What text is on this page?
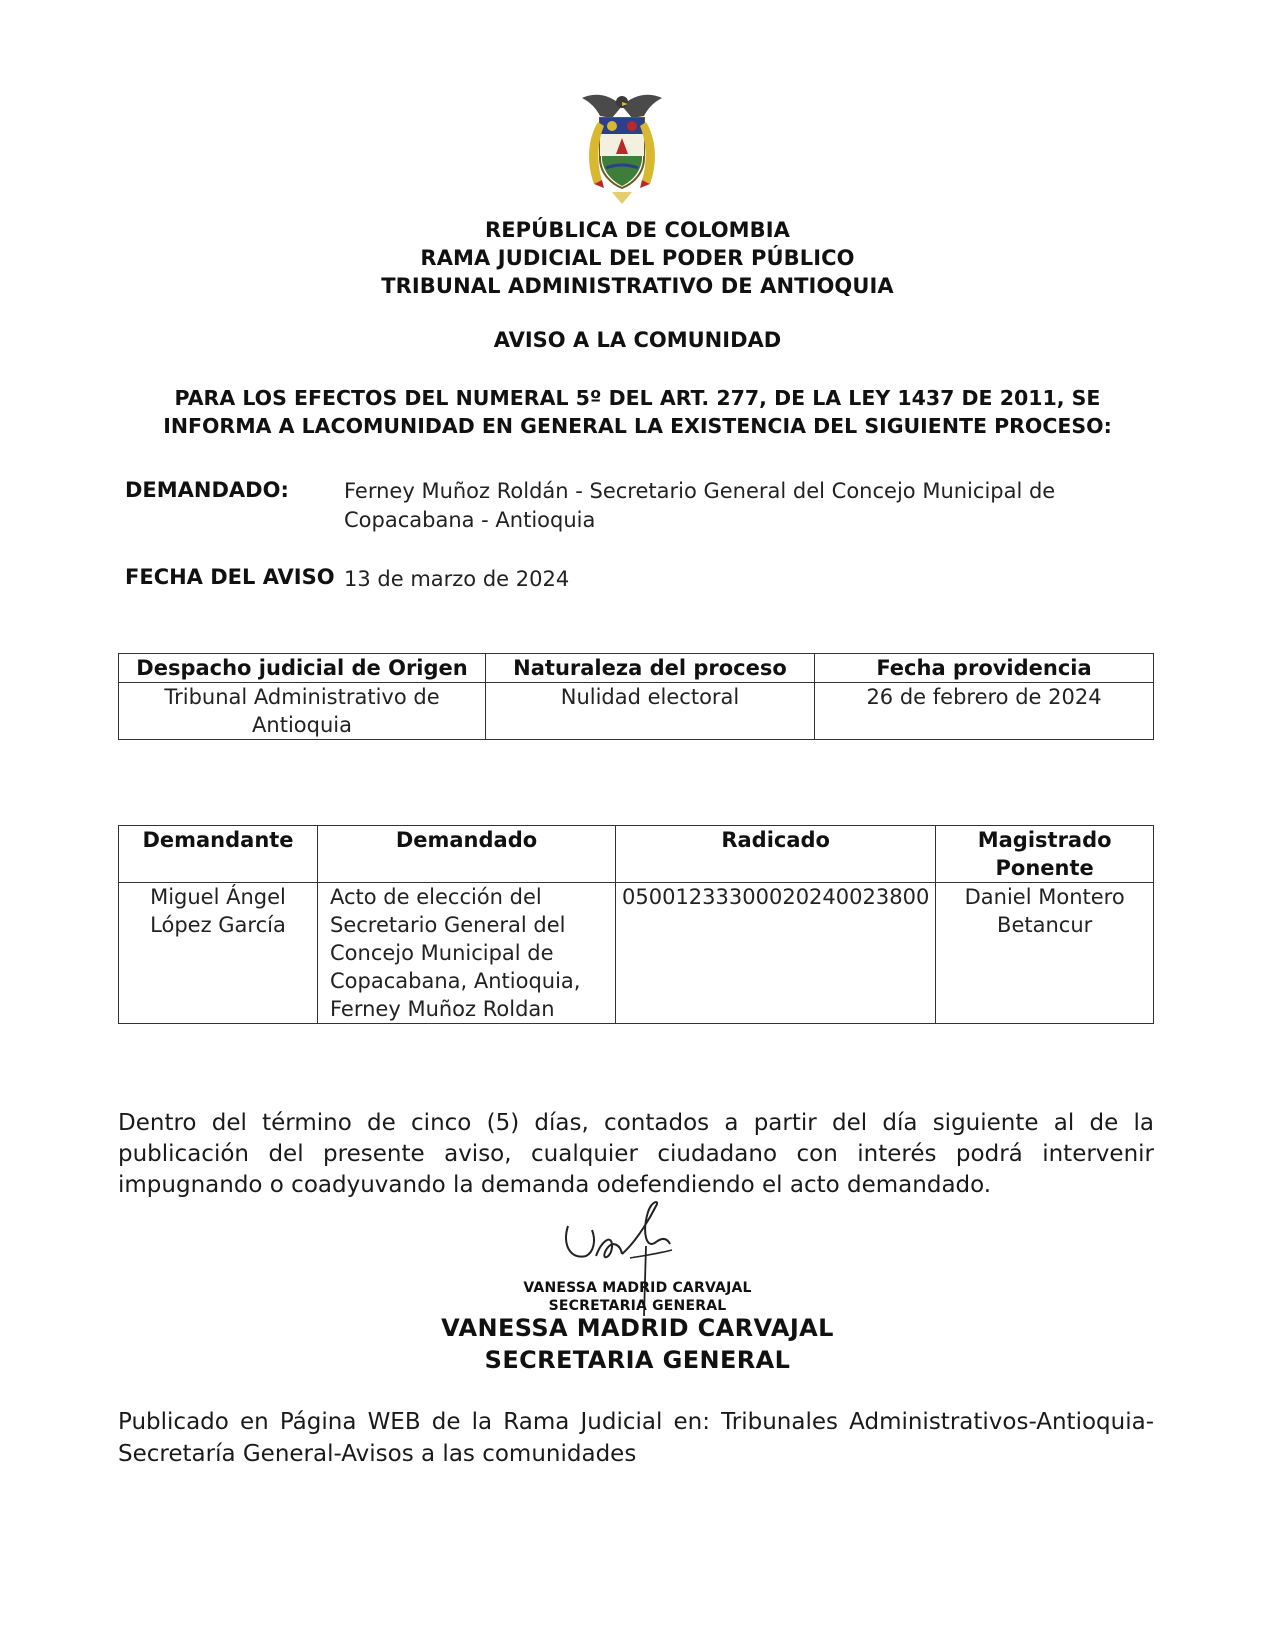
REPÚBLICA DE COLOMBIA
RAMA JUDICIAL DEL PODER PÚBLICO
TRIBUNAL ADMINISTRATIVO DE ANTIOQUIA
AVISO A LA COMUNIDAD
PARA LOS EFECTOS DEL NUMERAL 5º DEL ART. 277, DE LA LEY 1437 DE 2011, SE
INFORMA A LACOMUNIDAD EN GENERAL LA EXISTENCIA DEL SIGUIENTE PROCESO:
DEMANDADO:	Ferney Muñoz Roldán - Secretario General del Concejo Municipal de Copacabana - Antioquia
FECHA DEL AVISO 13 de marzo de 2024
Despacho judicial de Origen	Naturaleza del proceso	Fecha providencia
Tribunal Administrativo de Antioquia	Nulidad electoral	26 de febrero de 2024
Demandante	Demandado	Radicado	Magistrado Ponente
Miguel Ángel López García	Acto de elección del Secretario General del Concejo Municipal de Copacabana, Antioquia, Ferney Muñoz Roldan	05001233300020240023800	Daniel Montero Betancur
Dentro del término de cinco (5) días, contados a partir del día siguiente al de la publicación del presente aviso, cualquier ciudadano con interés podrá intervenir impugnando o coadyuvando la demanda odefendiendo el acto demandado.
VANESSA MADRID CARVAJAL
SECRETARIA GENERAL
VANESSA MADRID CARVAJAL
SECRETARIA GENERAL
Publicado en Página WEB de la Rama Judicial en: Tribunales Administrativos-Antioquia-Secretaría General-Avisos a las comunidades
